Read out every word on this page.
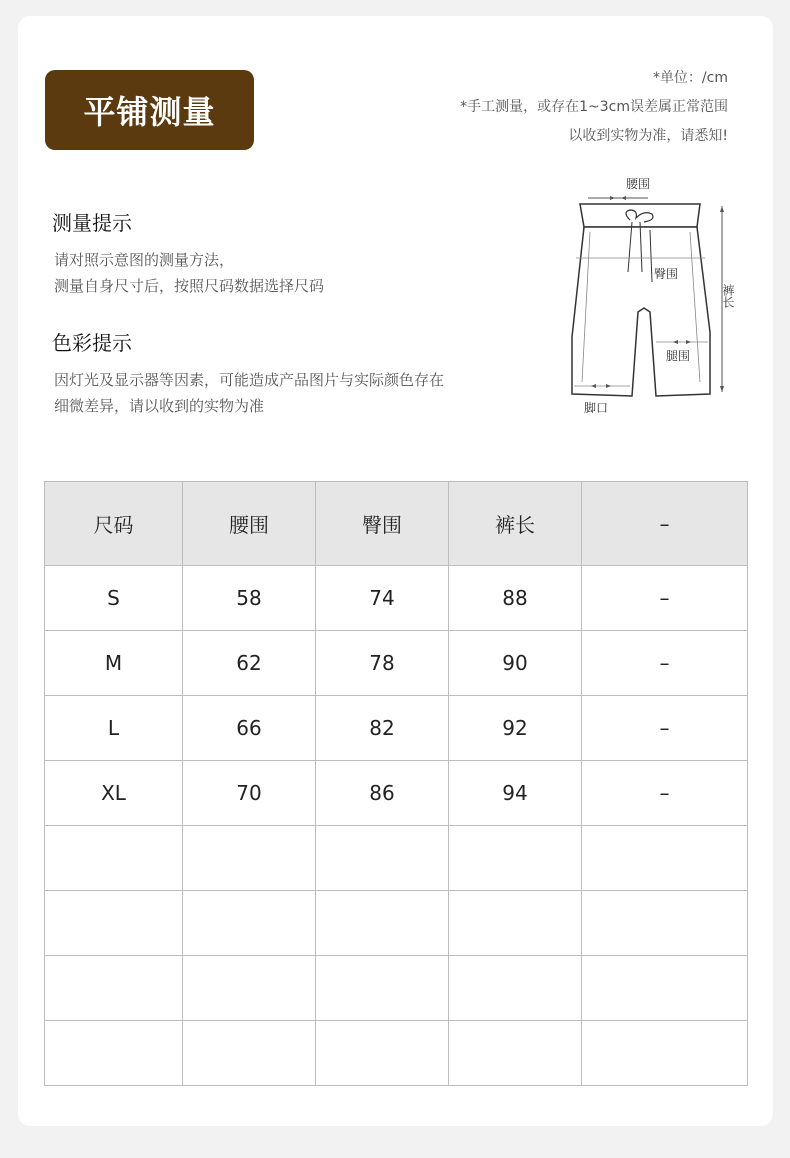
平铺测量
*单位：/cm
*手工测量，或存在1~3cm误差属正常范围
以收到实物为准，请悉知!
测量提示
请对照示意图的测量方法，
测量自身尺寸后，按照尺码数据选择尺码
色彩提示
因灯光及显示器等因素，可能造成产品图片与实际颜色存在
细微差异，请以收到的实物为准
腰围
臀围
腿围
脚口
裤长
尺码	腰围	臀围	裤长	–
S	58	74	88	–
M	62	78	90	–
L	66	82	92	–
XL	70	86	94	–
